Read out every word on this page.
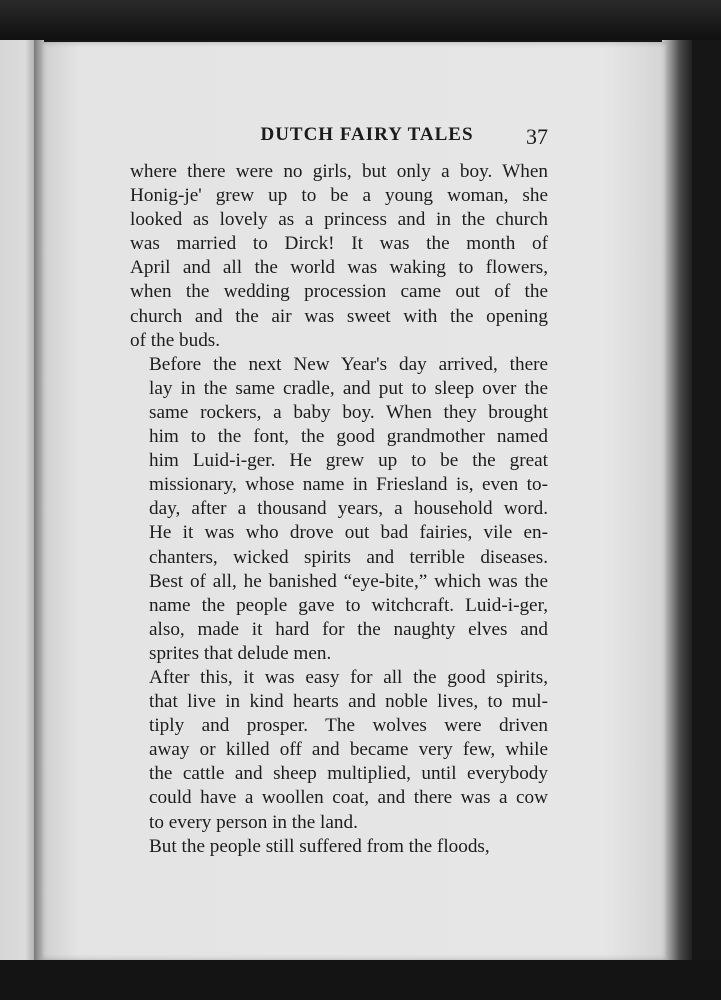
DUTCH FAIRY TALES	37

where there were no girls, but only a boy. When
Honig-je' grew up to be a young woman, she
looked as lovely as a princess and in the church
was married to Dirck! It was the month of
April and all the world was waking to flowers,
when the wedding procession came out of the
church and the air was sweet with the opening
of the buds.

Before the next New Year's day arrived, there
lay in the same cradle, and put to sleep over the
same rockers, a baby boy. When they brought
him to the font, the good grandmother named
him Luid-i-ger. He grew up to be the great
missionary, whose name in Friesland is, even to-
day, after a thousand years, a household word.
He it was who drove out bad fairies, vile en-
chanters, wicked spirits and terrible diseases.
Best of all, he banished “eye-bite,” which was the
name the people gave to witchcraft. Luid-i-ger,
also, made it hard for the naughty elves and
sprites that delude men.

After this, it was easy for all the good spirits,
that live in kind hearts and noble lives, to mul-
tiply and prosper. The wolves were driven
away or killed off and became very few, while
the cattle and sheep multiplied, until everybody
could have a woollen coat, and there was a cow
to every person in the land.

But the people still suffered from the floods,
